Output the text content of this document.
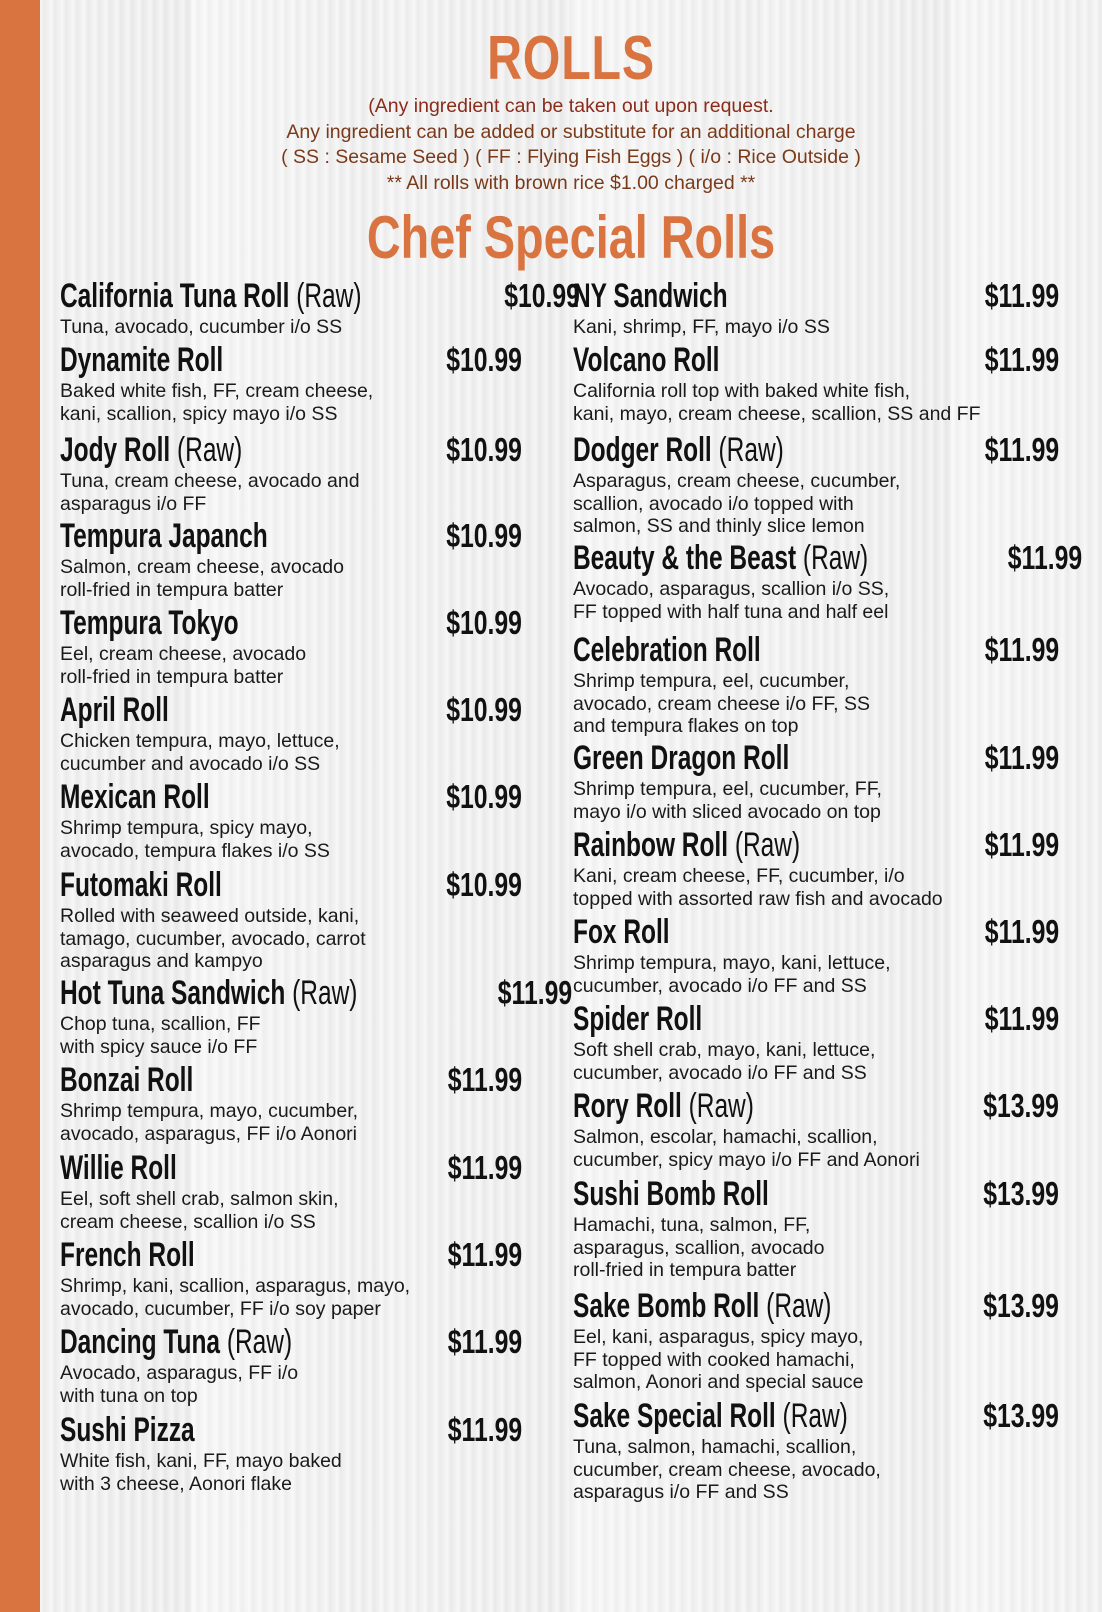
ROLLS
(Any ingredient can be taken out upon request.
Any ingredient can be added or substitute for an additional charge
( SS : Sesame Seed ) ( FF : Flying Fish Eggs ) ( i/o : Rice Outside )
** All rolls with brown rice $1.00 charged **
Chef Special Rolls
California Tuna Roll (Raw)	$10.99
Tuna, avocado, cucumber i/o SS
Dynamite Roll	$10.99
Baked white fish, FF, cream cheese,
kani, scallion, spicy mayo i/o SS
Jody Roll (Raw)	$10.99
Tuna, cream cheese, avocado and
asparagus i/o FF
Tempura Japanch	$10.99
Salmon, cream cheese, avocado
roll-fried in tempura batter
Tempura Tokyo	$10.99
Eel, cream cheese, avocado
roll-fried in tempura batter
April Roll	$10.99
Chicken tempura, mayo, lettuce,
cucumber and avocado i/o SS
Mexican Roll	$10.99
Shrimp tempura, spicy mayo,
avocado, tempura flakes i/o SS
Futomaki Roll	$10.99
Rolled with seaweed outside, kani,
tamago, cucumber, avocado, carrot
asparagus and kampyo
Hot Tuna Sandwich (Raw)	$11.99
Chop tuna, scallion, FF
with spicy sauce i/o FF
Bonzai Roll	$11.99
Shrimp tempura, mayo, cucumber,
avocado, asparagus, FF i/o Aonori
Willie Roll	$11.99
Eel, soft shell crab, salmon skin,
cream cheese, scallion i/o SS
French Roll	$11.99
Shrimp, kani, scallion, asparagus, mayo,
avocado, cucumber, FF i/o soy paper
Dancing Tuna (Raw)	$11.99
Avocado, asparagus, FF i/o
with tuna on top
Sushi Pizza	$11.99
White fish, kani, FF, mayo baked
with 3 cheese, Aonori flake
NY Sandwich	$11.99
Kani, shrimp, FF, mayo i/o SS
Volcano Roll	$11.99
California roll top with baked white fish,
kani, mayo, cream cheese, scallion, SS and FF
Dodger Roll (Raw)	$11.99
Asparagus, cream cheese, cucumber,
scallion, avocado i/o topped with
salmon, SS and thinly slice lemon
Beauty & the Beast (Raw)	$11.99
Avocado, asparagus, scallion i/o SS,
FF topped with half tuna and half eel
Celebration Roll	$11.99
Shrimp tempura, eel, cucumber,
avocado, cream cheese i/o FF, SS
and tempura flakes on top
Green Dragon Roll	$11.99
Shrimp tempura, eel, cucumber, FF,
mayo i/o with sliced avocado on top
Rainbow Roll (Raw)	$11.99
Kani, cream cheese, FF, cucumber, i/o
topped with assorted raw fish and avocado
Fox Roll	$11.99
Shrimp tempura, mayo, kani, lettuce,
cucumber, avocado i/o FF and SS
Spider Roll	$11.99
Soft shell crab, mayo, kani, lettuce,
cucumber, avocado i/o FF and SS
Rory Roll (Raw)	$13.99
Salmon, escolar, hamachi, scallion,
cucumber, spicy mayo i/o FF and Aonori
Sushi Bomb Roll	$13.99
Hamachi, tuna, salmon, FF,
asparagus, scallion, avocado
roll-fried in tempura batter
Sake Bomb Roll (Raw)	$13.99
Eel, kani, asparagus, spicy mayo,
FF topped with cooked hamachi,
salmon, Aonori and special sauce
Sake Special Roll (Raw)	$13.99
Tuna, salmon, hamachi, scallion,
cucumber, cream cheese, avocado,
asparagus i/o FF and SS
